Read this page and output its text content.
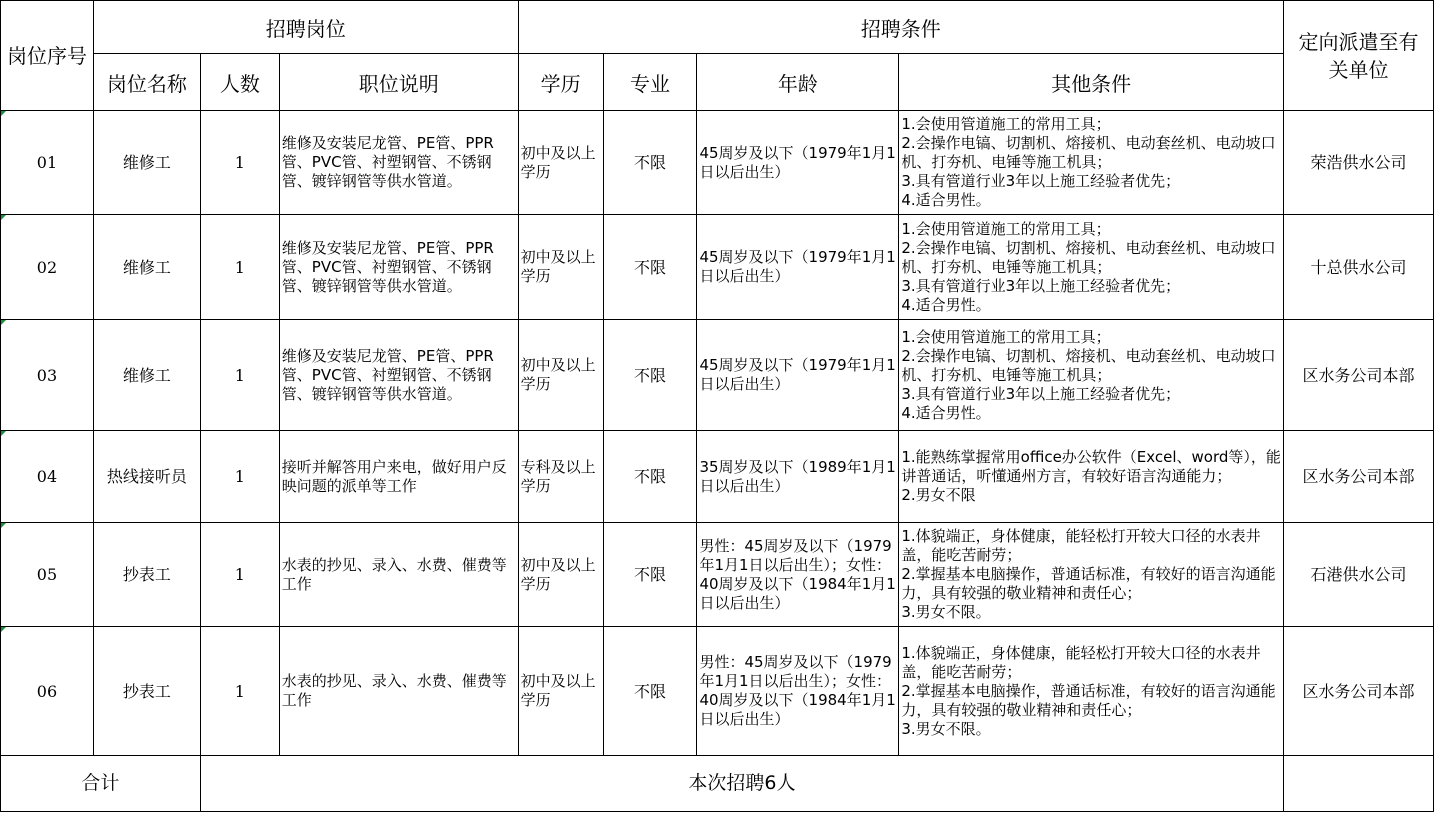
岗位序号	招聘岗位			招聘条件				定向派遣至有关单位
	岗位名称	人数	职位说明	学历	专业	年龄	其他条件	
01	维修工	1	维修及安装尼龙管、PE管、PPR管、PVC管、衬塑钢管、不锈钢管、镀锌钢管等供水管道。	初中及以上学历	不限	45周岁及以下（1979年1月1日以后出生）	1.会使用管道施工的常用工具；
2.会操作电镐、切割机、熔接机、电动套丝机、电动坡口机、打夯机、电锤等施工机具；
3.具有管道行业3年以上施工经验者优先；
4.适合男性。	荣浩供水公司
02	维修工	1	维修及安装尼龙管、PE管、PPR管、PVC管、衬塑钢管、不锈钢管、镀锌钢管等供水管道。	初中及以上学历	不限	45周岁及以下（1979年1月1日以后出生）	1.会使用管道施工的常用工具；
2.会操作电镐、切割机、熔接机、电动套丝机、电动坡口机、打夯机、电锤等施工机具；
3.具有管道行业3年以上施工经验者优先；
4.适合男性。	十总供水公司
03	维修工	1	维修及安装尼龙管、PE管、PPR管、PVC管、衬塑钢管、不锈钢管、镀锌钢管等供水管道。	初中及以上学历	不限	45周岁及以下（1979年1月1日以后出生）	1.会使用管道施工的常用工具；
2.会操作电镐、切割机、熔接机、电动套丝机、电动坡口机、打夯机、电锤等施工机具；
3.具有管道行业3年以上施工经验者优先；
4.适合男性。	区水务公司本部
04	热线接听员	1	接听并解答用户来电，做好用户反映问题的派单等工作	专科及以上学历	不限	35周岁及以下（1989年1月1日以后出生）	1.能熟练掌握常用office办公软件（Excel、word等），能讲普通话，听懂通州方言，有较好语言沟通能力；
2.男女不限	区水务公司本部
05	抄表工	1	水表的抄见、录入、水费、催费等工作	初中及以上学历	不限	男性：45周岁及以下（1979年1月1日以后出生）；女性：40周岁及以下（1984年1月1日以后出生）	1.体貌端正，身体健康，能轻松打开较大口径的水表井盖，能吃苦耐劳；
2.掌握基本电脑操作，普通话标准，有较好的语言沟通能力，具有较强的敬业精神和责任心；
3.男女不限。	石港供水公司
06	抄表工	1	水表的抄见、录入、水费、催费等工作	初中及以上学历	不限	男性：45周岁及以下（1979年1月1日以后出生）；女性：40周岁及以下（1984年1月1日以后出生）	1.体貌端正，身体健康，能轻松打开较大口径的水表井盖，能吃苦耐劳；
2.掌握基本电脑操作，普通话标准，有较好的语言沟通能力，具有较强的敬业精神和责任心；
3.男女不限。	区水务公司本部
合计		本次招聘6人						
